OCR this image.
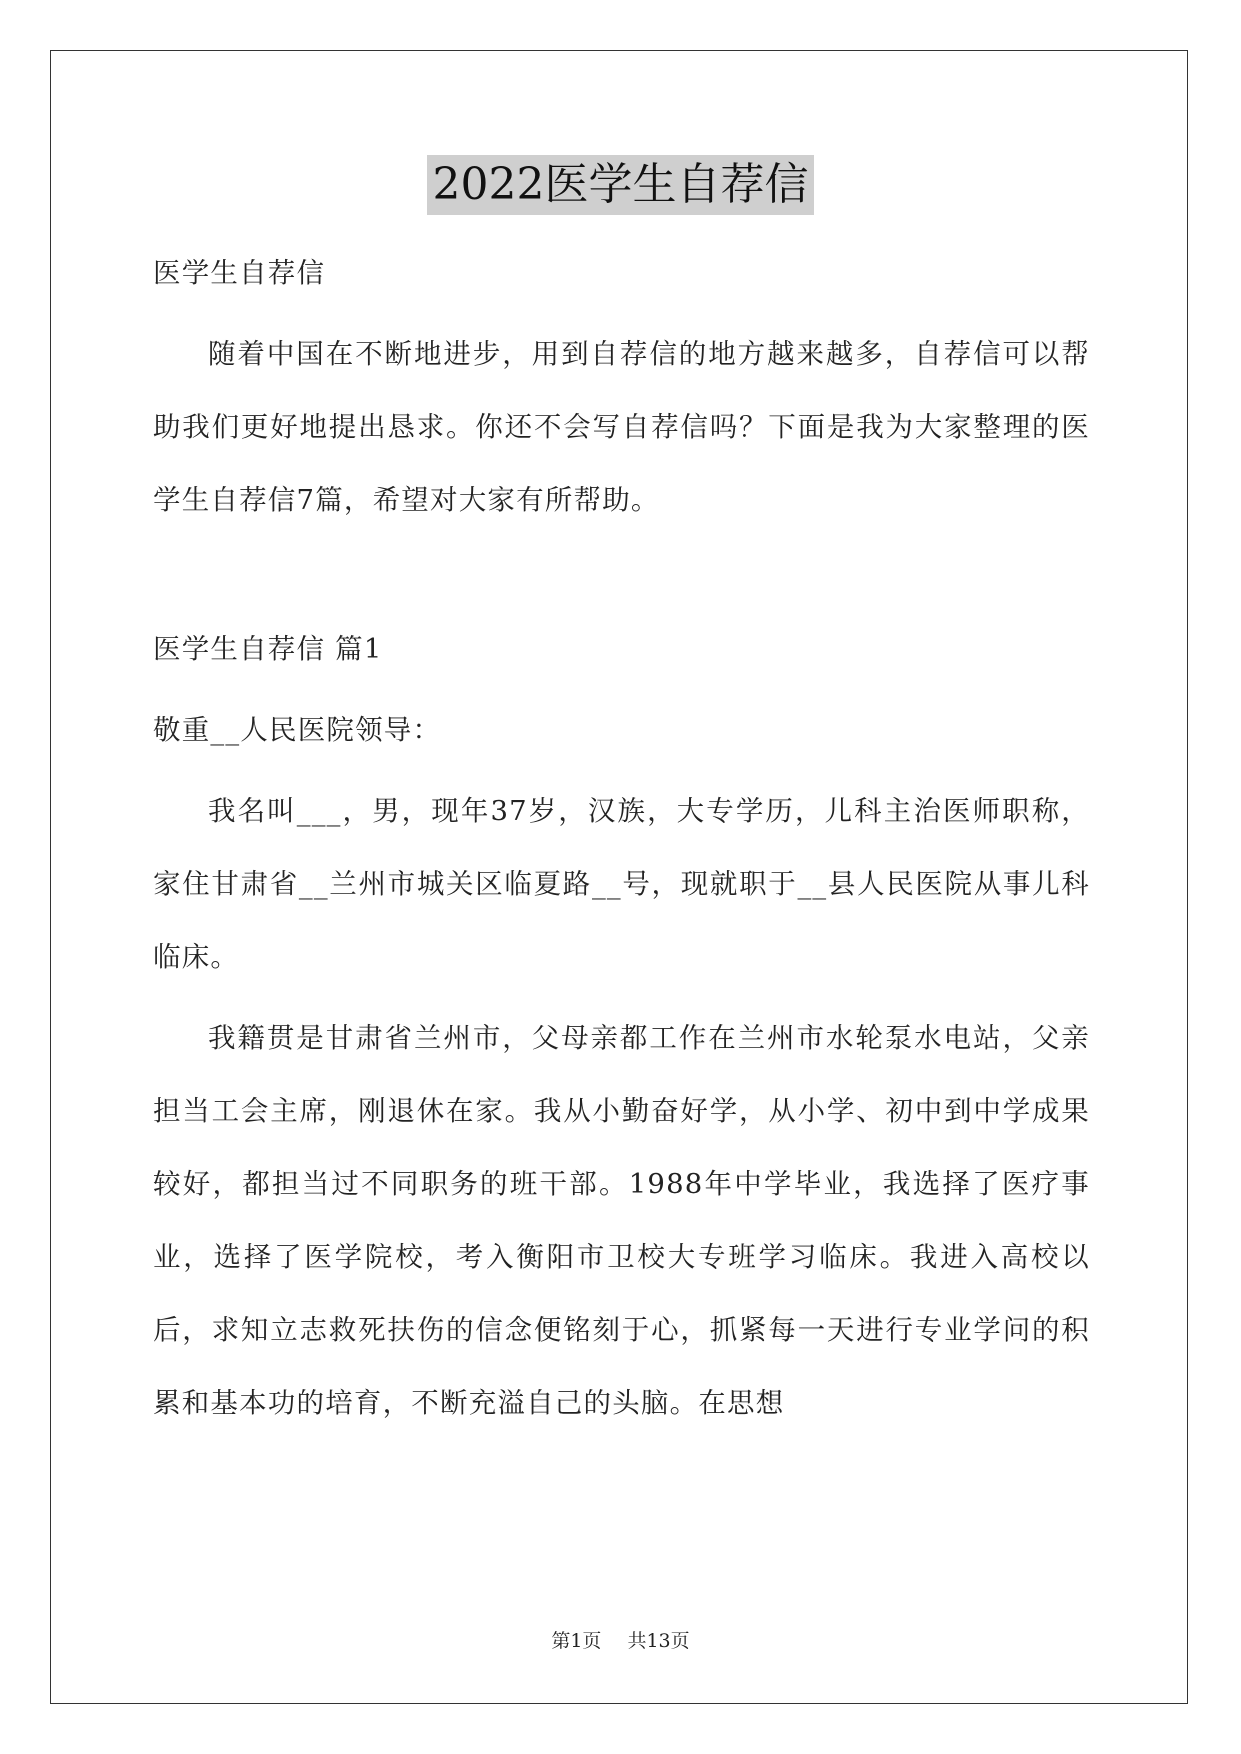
2022医学生自荐信

医学生自荐信

随着中国在不断地进步，用到自荐信的地方越来越多，自荐信可以帮助我们更好地提出恳求。你还不会写自荐信吗？下面是我为大家整理的医学生自荐信7篇，希望对大家有所帮助。

医学生自荐信 篇1

敬重__人民医院领导：

我名叫___，男，现年37岁，汉族，大专学历，儿科主治医师职称，家住甘肃省__兰州市城关区临夏路__号，现就职于__县人民医院从事儿科临床。

我籍贯是甘肃省兰州市，父母亲都工作在兰州市水轮泵水电站，父亲担当工会主席，刚退休在家。我从小勤奋好学，从小学、初中到中学成果较好，都担当过不同职务的班干部。1988年中学毕业，我选择了医疗事业，选择了医学院校，考入衡阳市卫校大专班学习临床。我进入高校以后，求知立志救死扶伤的信念便铭刻于心，抓紧每一天进行专业学问的积累和基本功的培育，不断充溢自己的头脑。在思想

第1页 共13页
